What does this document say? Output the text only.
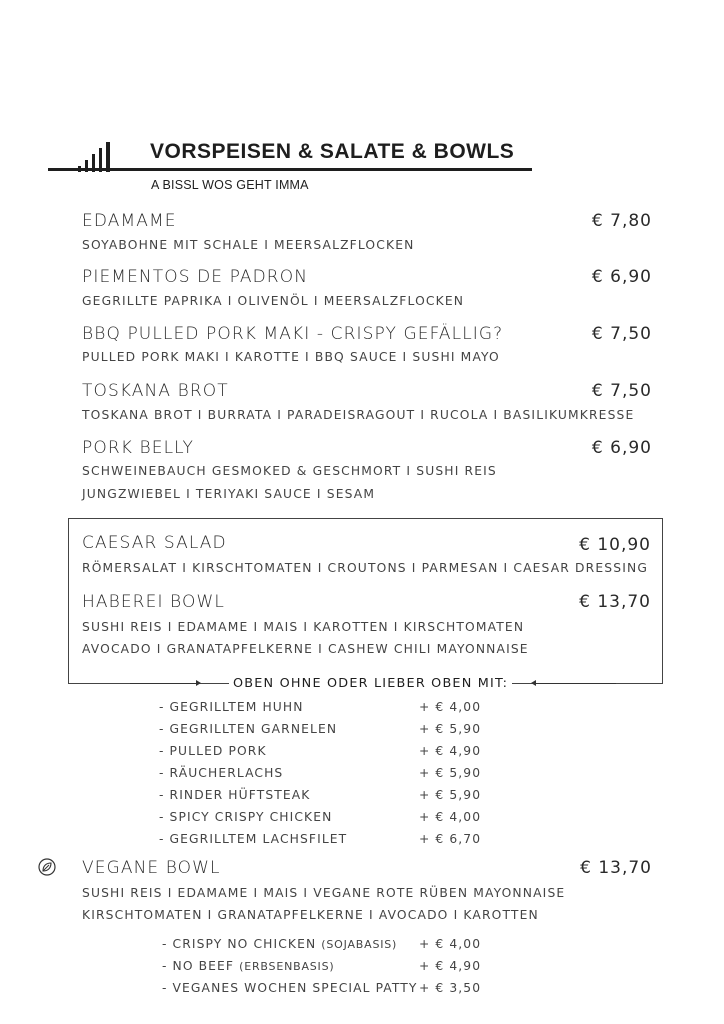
VORSPEISEN & SALATE & BOWLS
A BISSL WOS GEHT IMMA
EDAMAME	€ 7,80
SOYABOHNE MIT SCHALE I MEERSALZFLOCKEN
PIEMENTOS DE PADRON	€ 6,90
GEGRILLTE PAPRIKA I OLIVENÖL I MEERSALZFLOCKEN
BBQ PULLED PORK MAKI - CRISPY GEFÄLLIG?	€ 7,50
PULLED PORK MAKI I KAROTTE I BBQ SAUCE I SUSHI MAYO
TOSKANA BROT	€ 7,50
TOSKANA BROT I BURRATA I PARADEISRAGOUT I RUCOLA I BASILIKUMKRESSE
PORK BELLY	€ 6,90
SCHWEINEBAUCH GESMOKED & GESCHMORT I SUSHI REIS
JUNGZWIEBEL I TERIYAKI SAUCE I SESAM
CAESAR SALAD	€ 10,90
RÖMERSALAT I KIRSCHTOMATEN I CROUTONS I PARMESAN I CAESAR DRESSING
HABEREI BOWL	€ 13,70
SUSHI REIS I EDAMAME I MAIS I KAROTTEN I KIRSCHTOMATEN
AVOCADO I GRANATAPFELKERNE I CASHEW CHILI MAYONNAISE
OBEN OHNE ODER LIEBER OBEN MIT:
- GEGRILLTEM HUHN	+ € 4,00
- GEGRILLTEN GARNELEN	+ € 5,90
- PULLED PORK	+ € 4,90
- RÄUCHERLACHS	+ € 5,90
- RINDER HÜFTSTEAK	+ € 5,90
- SPICY CRISPY CHICKEN	+ € 4,00
- GEGRILLTEM LACHSFILET	+ € 6,70
VEGANE BOWL	€ 13,70
SUSHI REIS I EDAMAME I MAIS I VEGANE ROTE RÜBEN MAYONNAISE
KIRSCHTOMATEN I GRANATAPFELKERNE I AVOCADO I KAROTTEN
- CRISPY NO CHICKEN (SOJABASIS) + € 4,00
- NO BEEF (ERBSENBASIS)	+ € 4,90
- VEGANES WOCHEN SPECIAL PATTY + € 3,50
